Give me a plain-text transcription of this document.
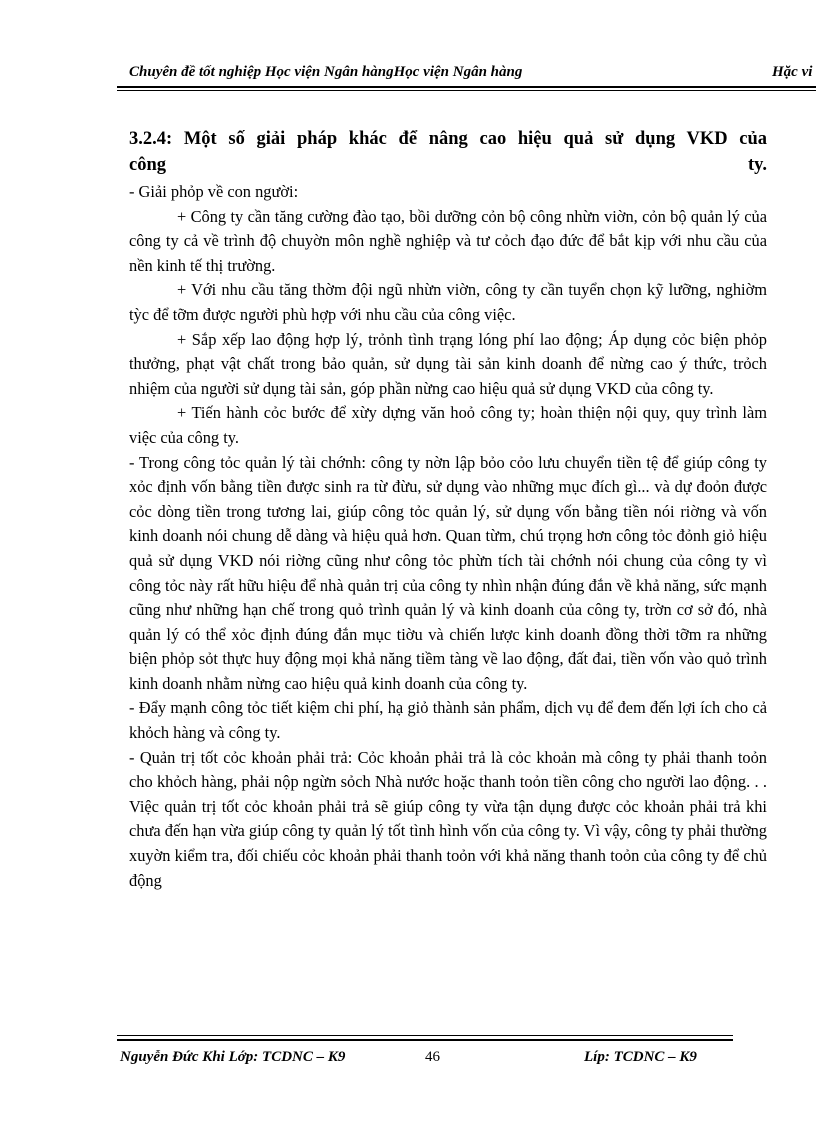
Chuyên đề tốt nghiệp Học viện Ngân hàngHọc viện Ngân hàng	Hặc vi
3.2.4: Một số giải pháp khác để nâng cao hiệu quả sử dụng VKD của
công	ty.

- Giải phỏp về con người:

+ Công ty cần tăng cường đào tạo, bồi dưỡng cỏn bộ công nhừn viờn, cỏn bộ quản lý của công ty cả về trình độ chuyờn môn nghề nghiệp và tư cỏch đạo đức để bắt kịp với nhu cầu của nền kinh tế thị trường.

+ Với nhu cầu tăng thờm đội ngũ nhừn viờn, công ty cần tuyển chọn kỹ lưỡng, nghiờm tỳc để tỡm được người phù hợp với nhu cầu của công việc.

+ Sắp xếp lao động hợp lý, trỏnh tình trạng lóng phí lao động; Áp dụng cỏc biện phỏp thưởng, phạt vật chất trong bảo quản, sử dụng tài sản kinh doanh để nừng cao ý thức, trỏch nhiệm của người sử dụng tài sản, góp phần nừng cao hiệu quả sử dụng VKD của công ty.

+ Tiến hành cỏc bước để xừy dựng văn hoỏ công ty; hoàn thiện nội quy, quy trình làm việc của công ty.

- Trong công tỏc quản lý tài chớnh: công ty nờn lập bỏo cỏo lưu chuyển tiền tệ để giúp công ty xỏc định vốn bằng tiền được sinh ra từ đừu, sử dụng vào những mục đích gì... và dự đoỏn được cỏc dòng tiền trong tương lai, giúp công tỏc quản lý, sử dụng vốn bằng tiền nói riờng và vốn kinh doanh nói chung dễ dàng và hiệu quả hơn. Quan từm, chú trọng hơn công tỏc đỏnh giỏ hiệu quả sử dụng VKD nói riờng cũng như công tỏc phừn tích tài chớnh nói chung của công ty vì công tỏc này rất hữu hiệu để nhà quản trị của công ty nhìn nhận đúng đắn về khả năng, sức mạnh cũng như những hạn chế trong quỏ trình quản lý và kinh doanh của công ty, trờn cơ sở đó, nhà quản lý có thể xỏc định đúng đắn mục tiờu và chiến lược kinh doanh đồng thời tỡm ra những biện phỏp sỏt thực huy động mọi khả năng tiềm tàng về lao động, đất đai, tiền vốn vào quỏ trình kinh doanh nhằm nừng cao hiệu quả kinh doanh của công ty.

- Đẩy mạnh công tỏc tiết kiệm chi phí, hạ giỏ thành sản phẩm, dịch vụ để đem đến lợi ích cho cả khỏch hàng và công ty.

- Quản trị tốt cỏc khoản phải trả: Cỏc khoản phải trả là cỏc khoản mà công ty phải thanh toỏn cho khỏch hàng, phải nộp ngừn sỏch Nhà nước hoặc thanh toỏn tiền công cho người lao động. . . Việc quản trị tốt cỏc khoản phải trả sẽ giúp công ty vừa tận dụng được cỏc khoản phải trả khi chưa đến hạn vừa giúp công ty quản lý tốt tình hình vốn của công ty. Vì vậy, công ty phải thường xuyờn kiểm tra, đối chiếu cỏc khoản phải thanh toỏn với khả năng thanh toỏn của công ty để chủ động

Nguyễn Đức Khi Lớp: TCDNC – K9	46	Líp: TCDNC – K9
